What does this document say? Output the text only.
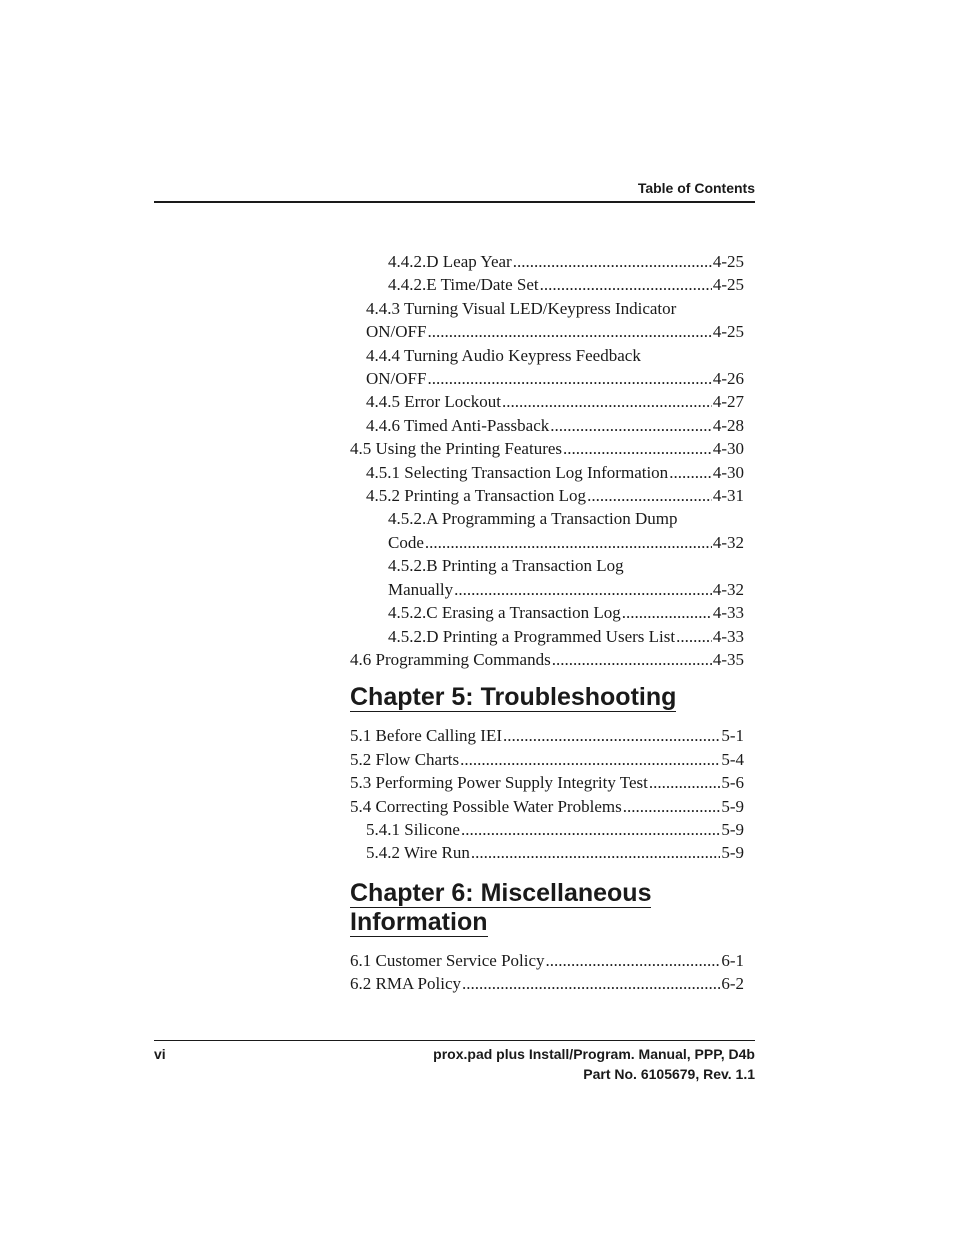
Table of Contents
4.4.2.D Leap Year .....	4-25
4.4.2.E Time/Date Set .....	4-25
4.4.3 Turning Visual LED/Keypress Indicator
ON/OFF .....	4-25
4.4.4 Turning Audio Keypress Feedback
ON/OFF .....	4-26
4.4.5 Error Lockout .....	4-27
4.4.6 Timed Anti-Passback .....	4-28
4.5 Using the Printing Features .....	4-30
4.5.1 Selecting Transaction Log Information .....	4-30
4.5.2 Printing a Transaction Log .....	4-31
4.5.2.A Programming a Transaction Dump
Code .....	4-32
4.5.2.B Printing a Transaction Log
Manually .....	4-32
4.5.2.C Erasing a Transaction Log .....	4-33
4.5.2.D Printing a Programmed Users List ..... 4-33
4.6 Programming Commands .....	4-35
Chapter 5: Troubleshooting
5.1 Before Calling IEI .....	5-1
5.2 Flow Charts .....	5-4
5.3 Performing Power Supply Integrity Test .....	5-6
5.4 Correcting Possible Water Problems .....	5-9
5.4.1 Silicone .....	5-9
5.4.2 Wire Run .....	5-9
Chapter 6: Miscellaneous
Information
6.1 Customer Service Policy .....	6-1
6.2 RMA Policy .....	6-2
vi	prox.pad plus Install/Program. Manual, PPP, D4b
Part No. 6105679, Rev. 1.1
